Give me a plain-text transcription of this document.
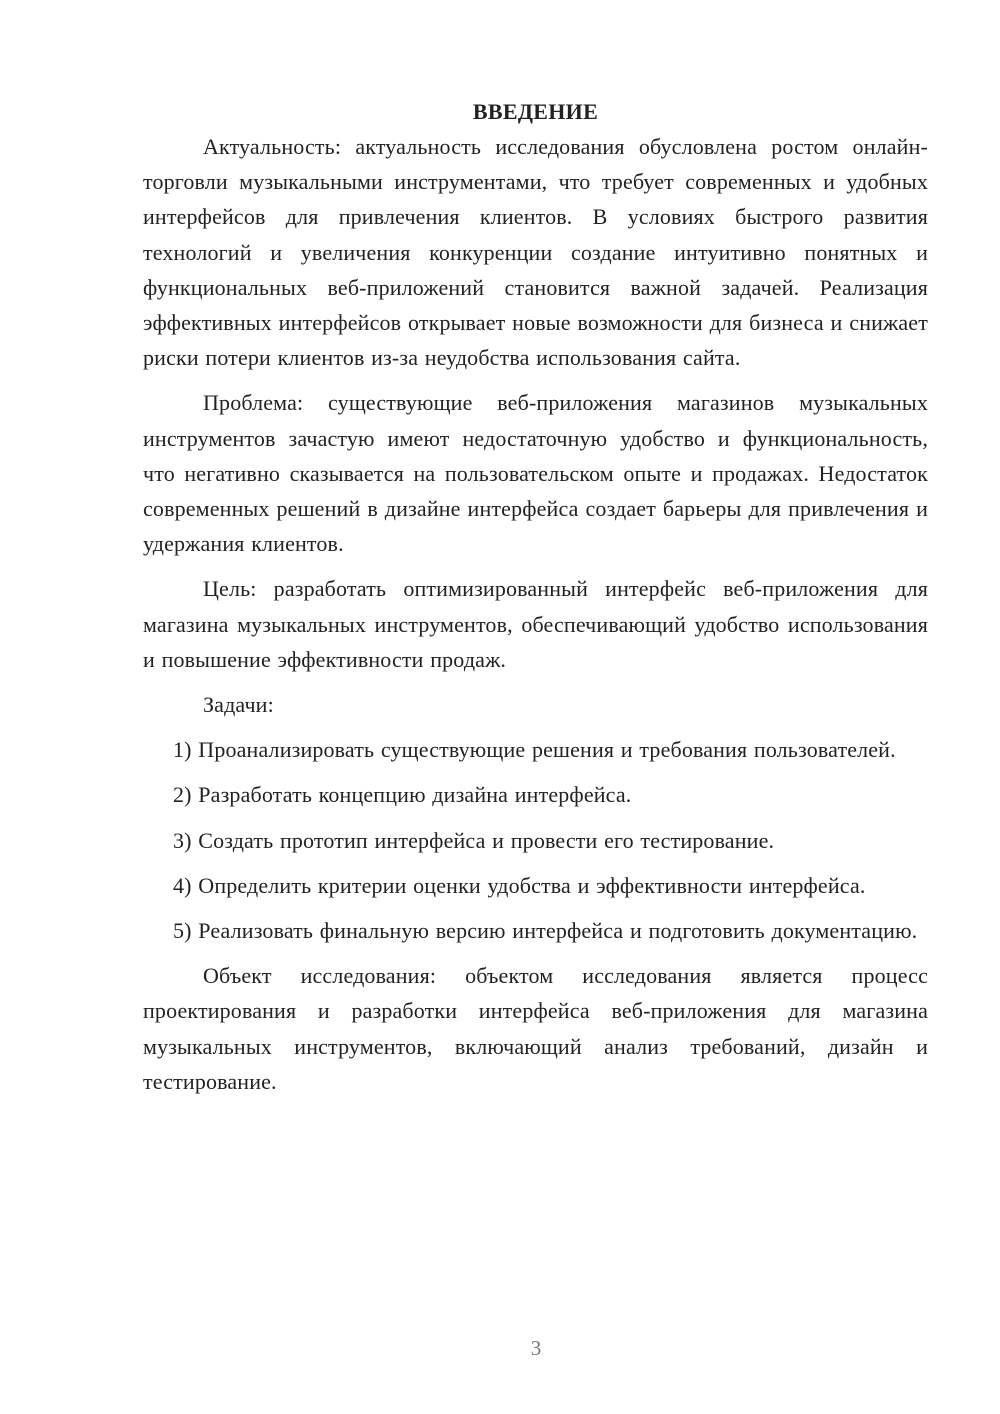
ВВЕДЕНИЕ

Актуальность: актуальность исследования обусловлена ростом онлайн-торговли музыкальными инструментами, что требует современных и удобных интерфейсов для привлечения клиентов. В условиях быстрого развития технологий и увеличения конкуренции создание интуитивно понятных и функциональных веб-приложений становится важной задачей. Реализация эффективных интерфейсов открывает новые возможности для бизнеса и снижает риски потери клиентов из-за неудобства использования сайта.

Проблема: существующие веб-приложения магазинов музыкальных инструментов зачастую имеют недостаточную удобство и функциональность, что негативно сказывается на пользовательском опыте и продажах. Недостаток современных решений в дизайне интерфейса создает барьеры для привлечения и удержания клиентов.

Цель: разработать оптимизированный интерфейс веб-приложения для магазина музыкальных инструментов, обеспечивающий удобство использования и повышение эффективности продаж.

Задачи:

1) Проанализировать существующие решения и требования пользователей.

2) Разработать концепцию дизайна интерфейса.

3) Создать прототип интерфейса и провести его тестирование.

4) Определить критерии оценки удобства и эффективности интерфейса.

5) Реализовать финальную версию интерфейса и подготовить документацию.

Объект исследования: объектом исследования является процесс проектирования и разработки интерфейса веб-приложения для магазина музыкальных инструментов, включающий анализ требований, дизайн и тестирование.

3
